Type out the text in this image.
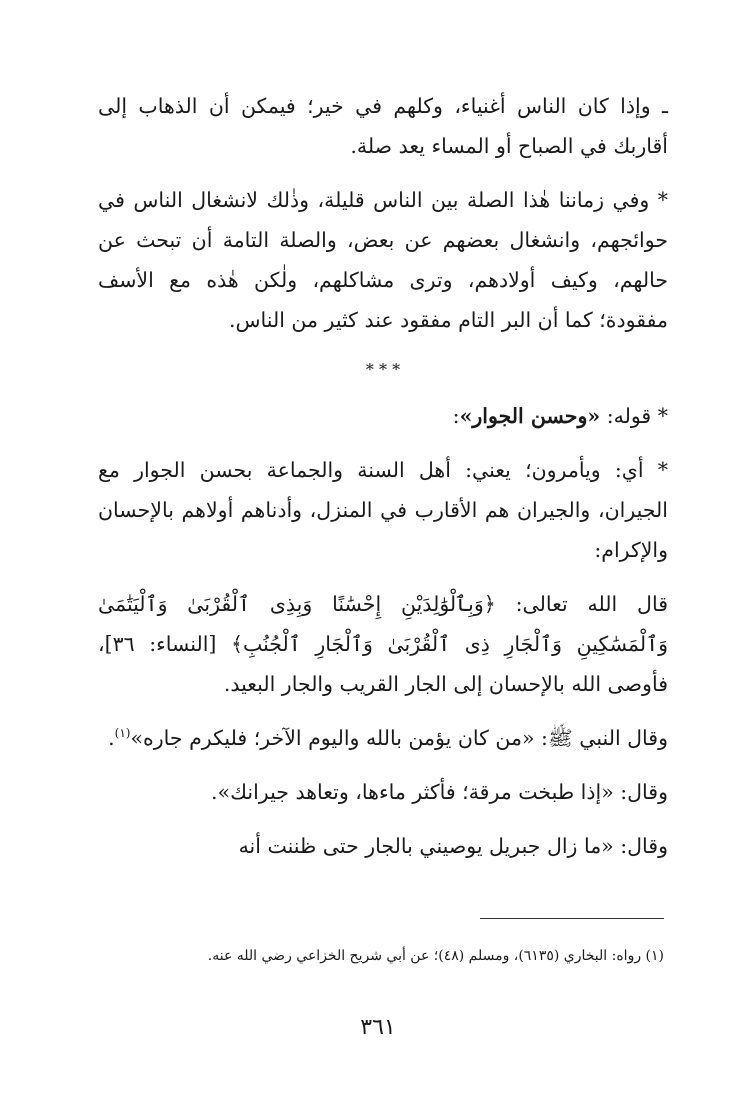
ـ وإذا كان الناس أغنياء، وكلهم في خير؛ فيمكن أن الذهاب إلى أقاربك في الصباح أو المساء يعد صلة.

* وفي زماننا هٰذا الصلة بين الناس قليلة، وذٰلك لانشغال الناس في حوائجهم، وانشغال بعضهم عن بعض، والصلة التامة أن تبحث عن حالهم، وكيف أولادهم، وترى مشاكلهم، ولٰكن هٰذه مع الأسف مفقودة؛ كما أن البر التام مفقود عند كثير من الناس.

* * *

* قوله: «وحسن الجوار»:

* أي: ويأمرون؛ يعني: أهل السنة والجماعة بحسن الجوار مع الجيران، والجيران هم الأقارب في المنزل، وأدناهم أولاهم بالإحسان والإكرام:

قال الله تعالى: ﴿وَبِٱلْوَٰلِدَيْنِ إِحْسَٰنًا وَبِذِى ٱلْقُرْبَىٰ وَٱلْيَتَٰمَىٰ وَٱلْمَسَٰكِينِ وَٱلْجَارِ ذِى ٱلْقُرْبَىٰ وَٱلْجَارِ ٱلْجُنُبِ﴾ [النساء: ٣٦]، فأوصى الله بالإحسان إلى الجار القريب والجار البعيد.

وقال النبي ﷺ: «من كان يؤمن بالله واليوم الآخر؛ فليكرم جاره»$^{(١)}$.

وقال: «إذا طبخت مرقة؛ فأكثر ماءها، وتعاهد جيرانك».

وقال: «ما زال جبريل يوصيني بالجار حتى ظننت أنه

(١) رواه: البخاري (٦١٣٥)، ومسلم (٤٨)؛ عن أبي شريح الخزاعي رضي الله عنه.
٣٦١
